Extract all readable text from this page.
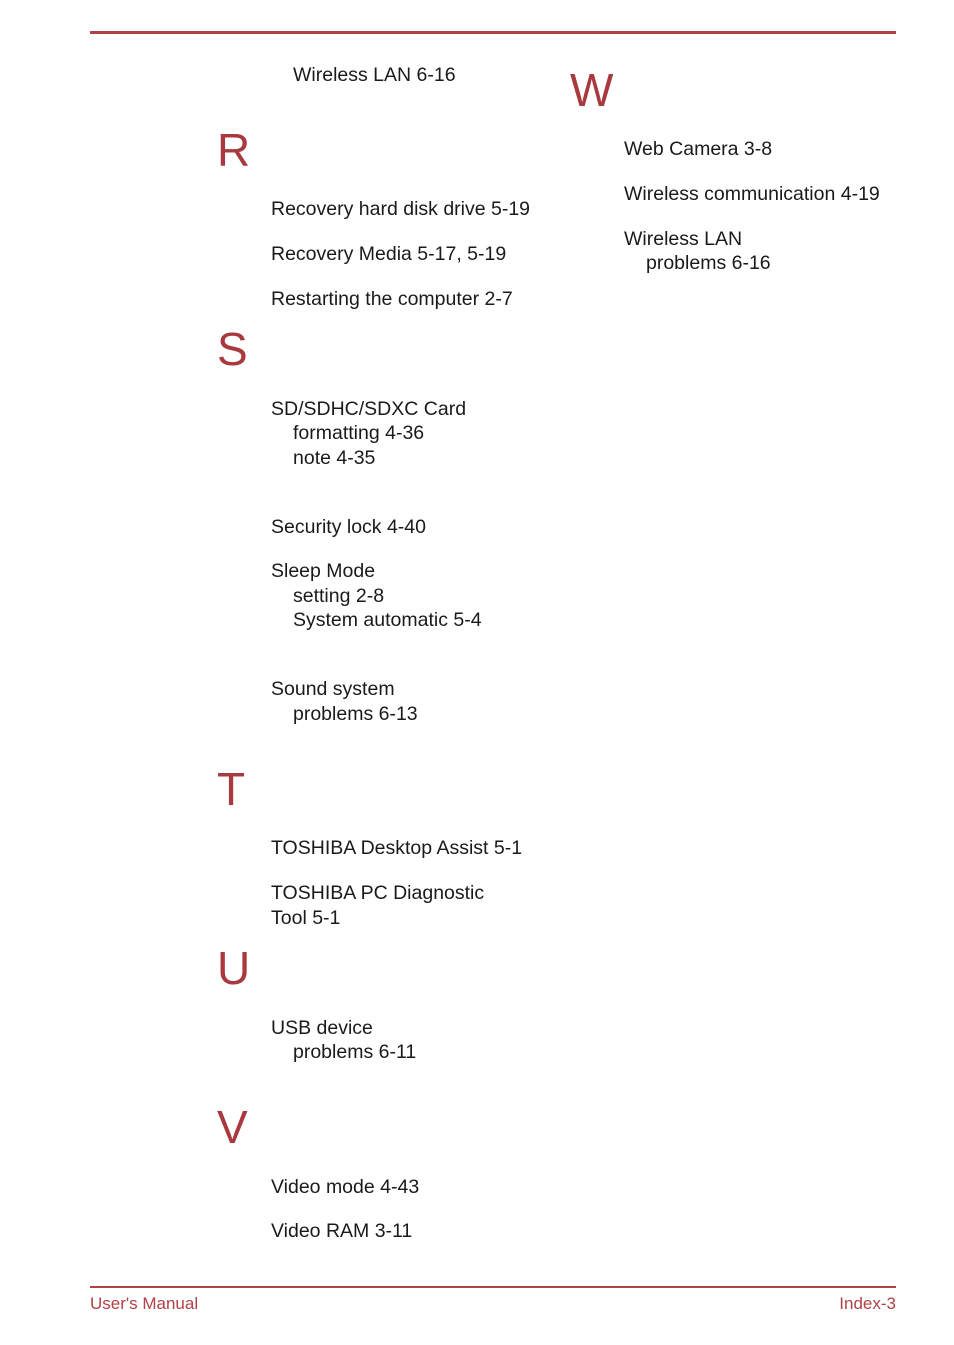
Wireless LAN 6-16
R
Recovery hard disk drive 5-19
Recovery Media 5-17, 5-19
Restarting the computer 2-7
S
SD/SDHC/SDXC Card
formatting 4-36
note 4-35
Security lock 4-40
Sleep Mode
setting 2-8
System automatic 5-4
Sound system
problems 6-13
T
TOSHIBA Desktop Assist 5-1
TOSHIBA PC Diagnostic
Tool 5-1
U
USB device
problems 6-11
V
Video mode 4-43
Video RAM 3-11
W
Web Camera 3-8
Wireless communication 4-19
Wireless LAN
problems 6-16
User's Manual	Index-3
